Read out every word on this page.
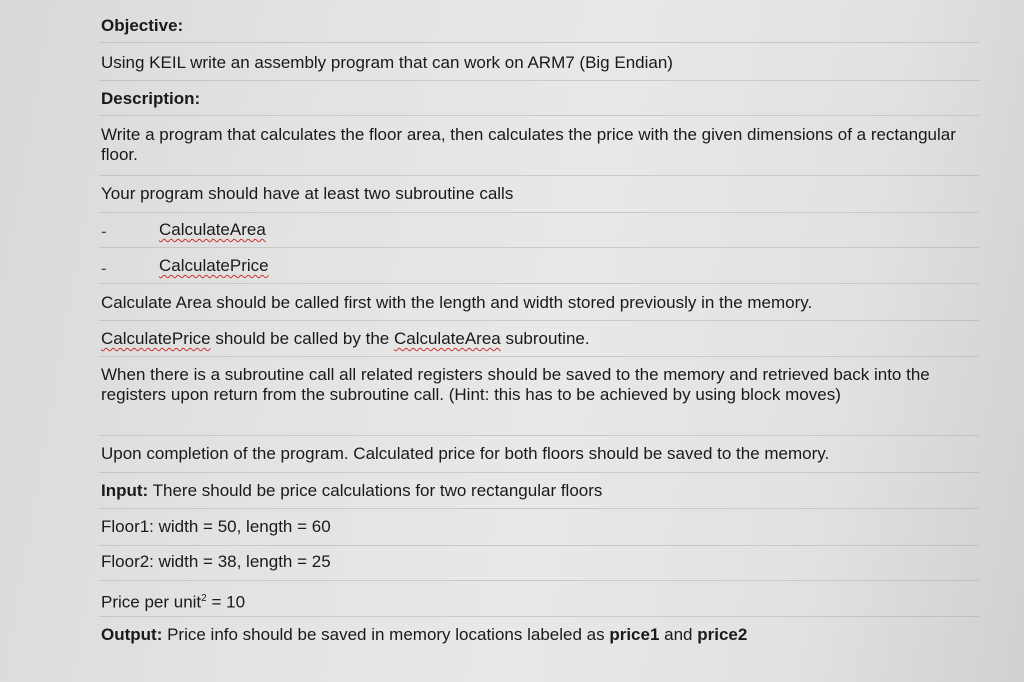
Objective:
Using KEIL write an assembly program that can work on ARM7 (Big Endian)
Description:
Write a program that calculates the floor area, then calculates the price with the given dimensions of a rectangular floor.
Your program should have at least two subroutine calls
-	CalculateArea
-	CalculatePrice
Calculate Area should be called first with the length and width stored previously in the memory.
CalculatePrice should be called by the CalculateArea subroutine.
When there is a subroutine call all related registers should be saved to the memory and retrieved back into the registers upon return from the subroutine call. (Hint: this has to be achieved by using block moves)
Upon completion of the program. Calculated price for both floors should be saved to the memory.
Input: There should be price calculations for two rectangular floors
Floor1: width = 50, length = 60
Floor2: width = 38, length = 25
Price per unit$^2$ = 10
Output: Price info should be saved in memory locations labeled as price1 and price2
